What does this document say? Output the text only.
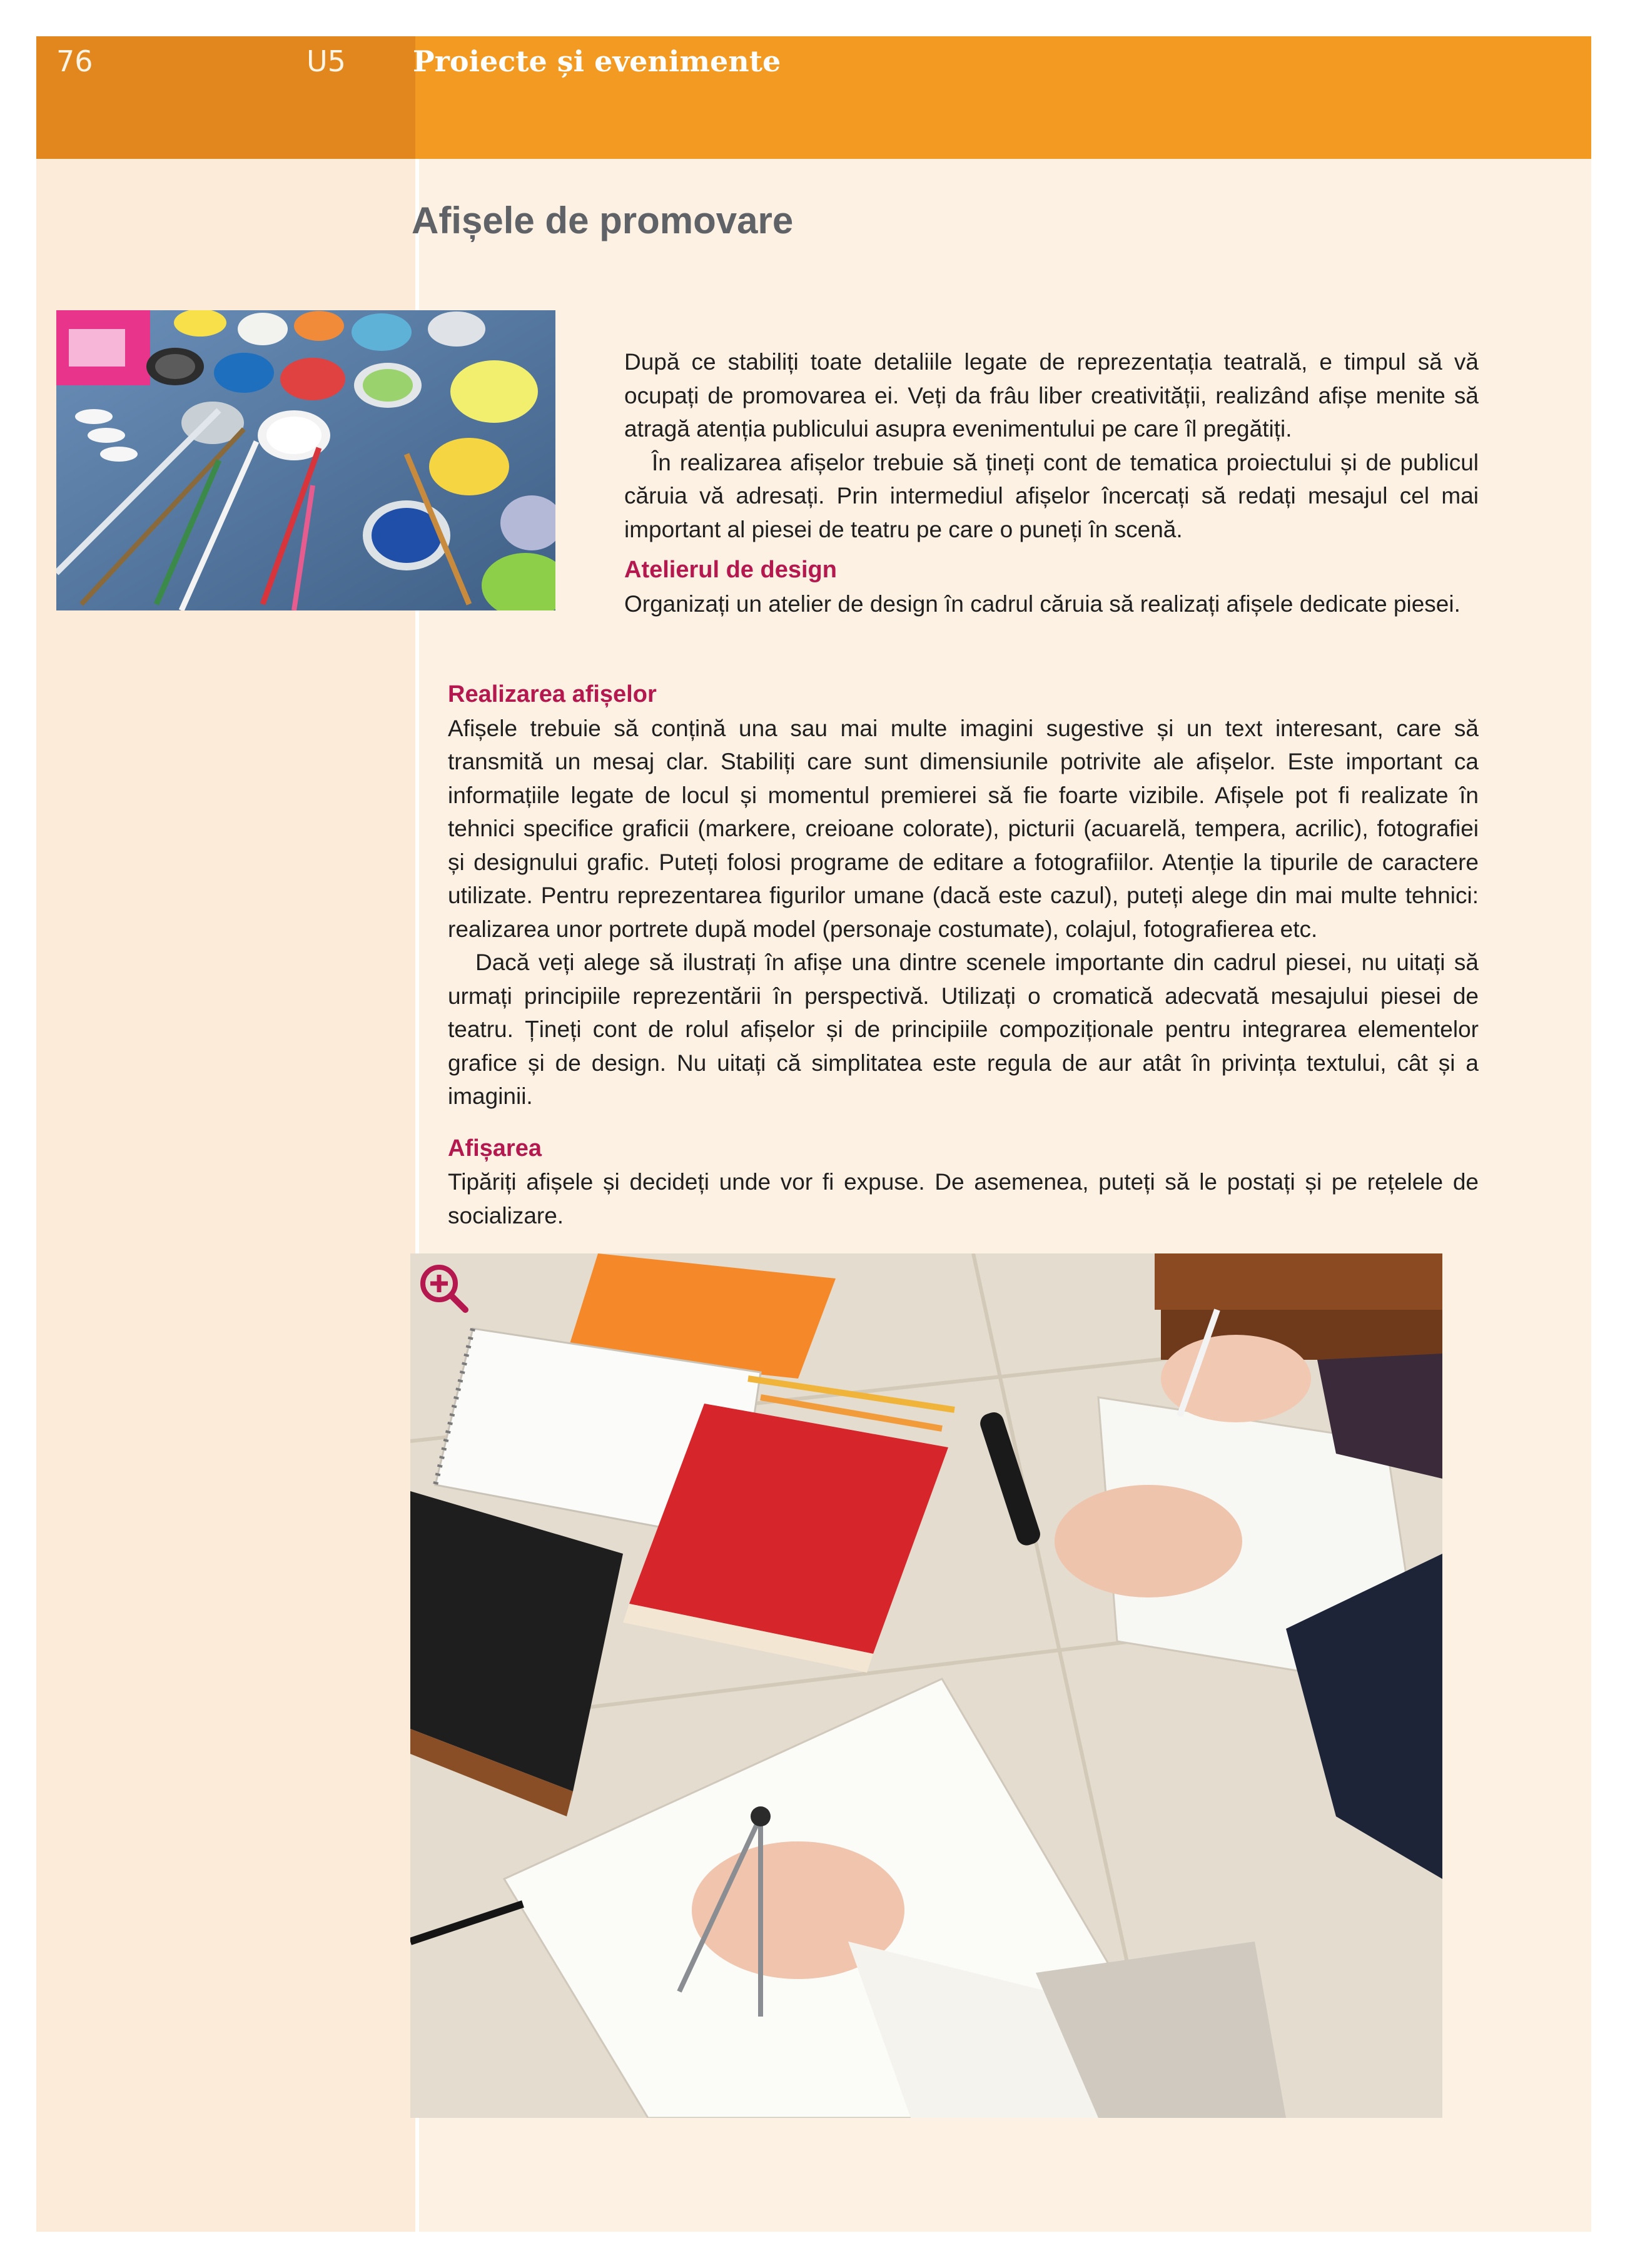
76	U5 Proiecte și evenimente
Afișele de promovare

După ce stabiliți toate detaliile legate de reprezentația teatrală, e timpul să vă ocupați de promovarea ei. Veți da frâu liber creativității, realizând afișe menite să atragă atenția publicului asupra evenimentului pe care îl pregătiți.

În realizarea afișelor trebuie să țineți cont de tematica proiectului și de publicul căruia vă adresați. Prin intermediul afișelor încercați să redați mesajul cel mai important al piesei de teatru pe care o puneți în scenă.

Atelierul de design

Organizați un atelier de design în cadrul căruia să realizați afișele dedicate piesei.

Realizarea afișelor

Afișele trebuie să conțină una sau mai multe imagini sugestive și un text interesant, care să transmită un mesaj clar. Stabiliți care sunt dimensiunile potrivite ale afișelor. Este important ca informațiile legate de locul și momentul premierei să fie foarte vizibile. Afișele pot fi realizate în tehnici specifice graficii (markere, creioane colorate), picturii (acuarelă, tempera, acrilic), fotografiei și designului grafic. Puteți folosi programe de editare a fotografiilor. Atenție la tipurile de caractere utilizate. Pentru reprezentarea figurilor umane (dacă este cazul), puteți alege din mai multe tehnici: realizarea unor portrete după model (personaje costumate), colajul, fotografierea etc.

Dacă veți alege să ilustrați în afișe una dintre scenele importante din cadrul piesei, nu uitați să urmați principiile reprezentării în perspectivă. Utilizați o cromatică adecvată mesajului piesei de teatru. Țineți cont de rolul afișelor și de principiile compoziționale pentru integrarea elementelor grafice și de design. Nu uitați că simplitatea este regula de aur atât în privința textului, cât și a imaginii.

Afișarea

Tipăriți afișele și decideți unde vor fi expuse. De asemenea, puteți să le postați și pe rețelele de socializare.
